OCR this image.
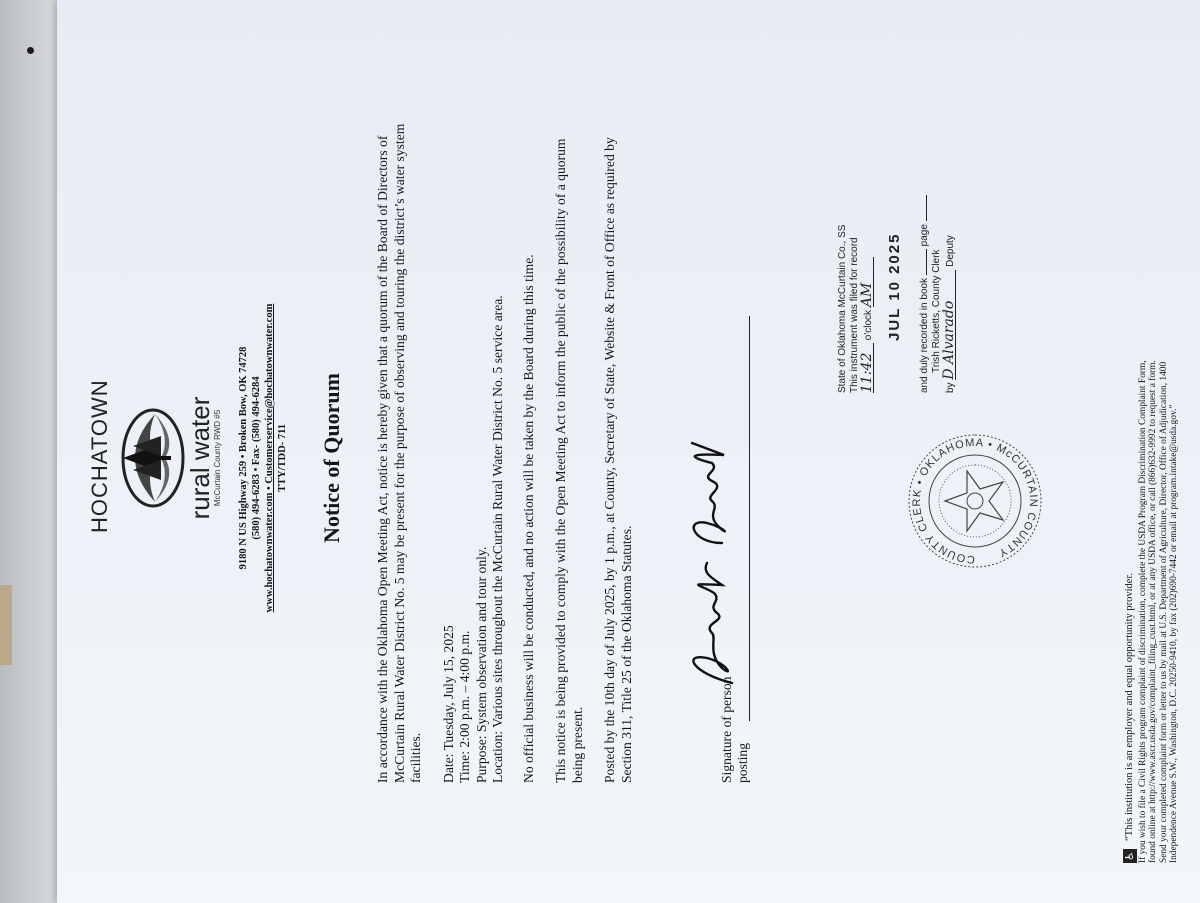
HOCHATOWN	rural water
McCurtain County RWD #5 9180 N US Highway 259 • Broken Bow, OK 74728 (580) 494-6283 • Fax- (580) 494-6284 www.hochatownwater.com • Customerservice@hochatownwater.com TTY/TDD- 711 Notice of Quorum In accordance with the Oklahoma Open Meeting Act, notice is hereby given that a quorum of the Board of Directors of McCurtain Rural Water District No. 5 may be present for the purpose of observing and touring the district’s water system facilities. Date: Tuesday, July 15, 2025 Time: 2:00 p.m. – 4:00 p.m. Purpose: System observation and tour only. Location: Various sites throughout the McCurtain Rural Water District No. 5 service area. No official business will be conducted, and no action will be taken by the Board during this time. This notice is being provided to comply with the Open Meeting Act to inform the public of the possibility of a quorum being present. Posted by the 10th day of July 2025, by 1 p.m., at County, Secretary of State, Website & Front of Office as required by Section 311, Title 25 of the Oklahoma Statutes.	Signature of person posting
COUNTY CLERK • OKLAHOMA • McCURTAIN COUNTY
State of Oklahoma McCurtain Co., SS This instrument was filed for record 11:42 o'clock AM JUL 10 2025 and duly recorded in book  page
Trish Ricketts, County Clerk
by D Alvarado Deputy
♿
“This institution is an employer and equal opportunity provider. If you wish to file a Civil Rights program complaint of discrimination, complete the USDA Program Discrimination Complaint Form, found online at http://www.ascr.usda.gov/complaint_filing_cust.html, or at any USDA office, or call (866)632-9992 to request a form. Send your completed complaint form or letter to us by mail at U.S. Department of Agriculture, Director, Office of Adjudication, 1400 Independence Avenue S.W., Washington, D.C. 20250-9410, by fax (202)690-7442 or email at program.intake@usda.gov.”
